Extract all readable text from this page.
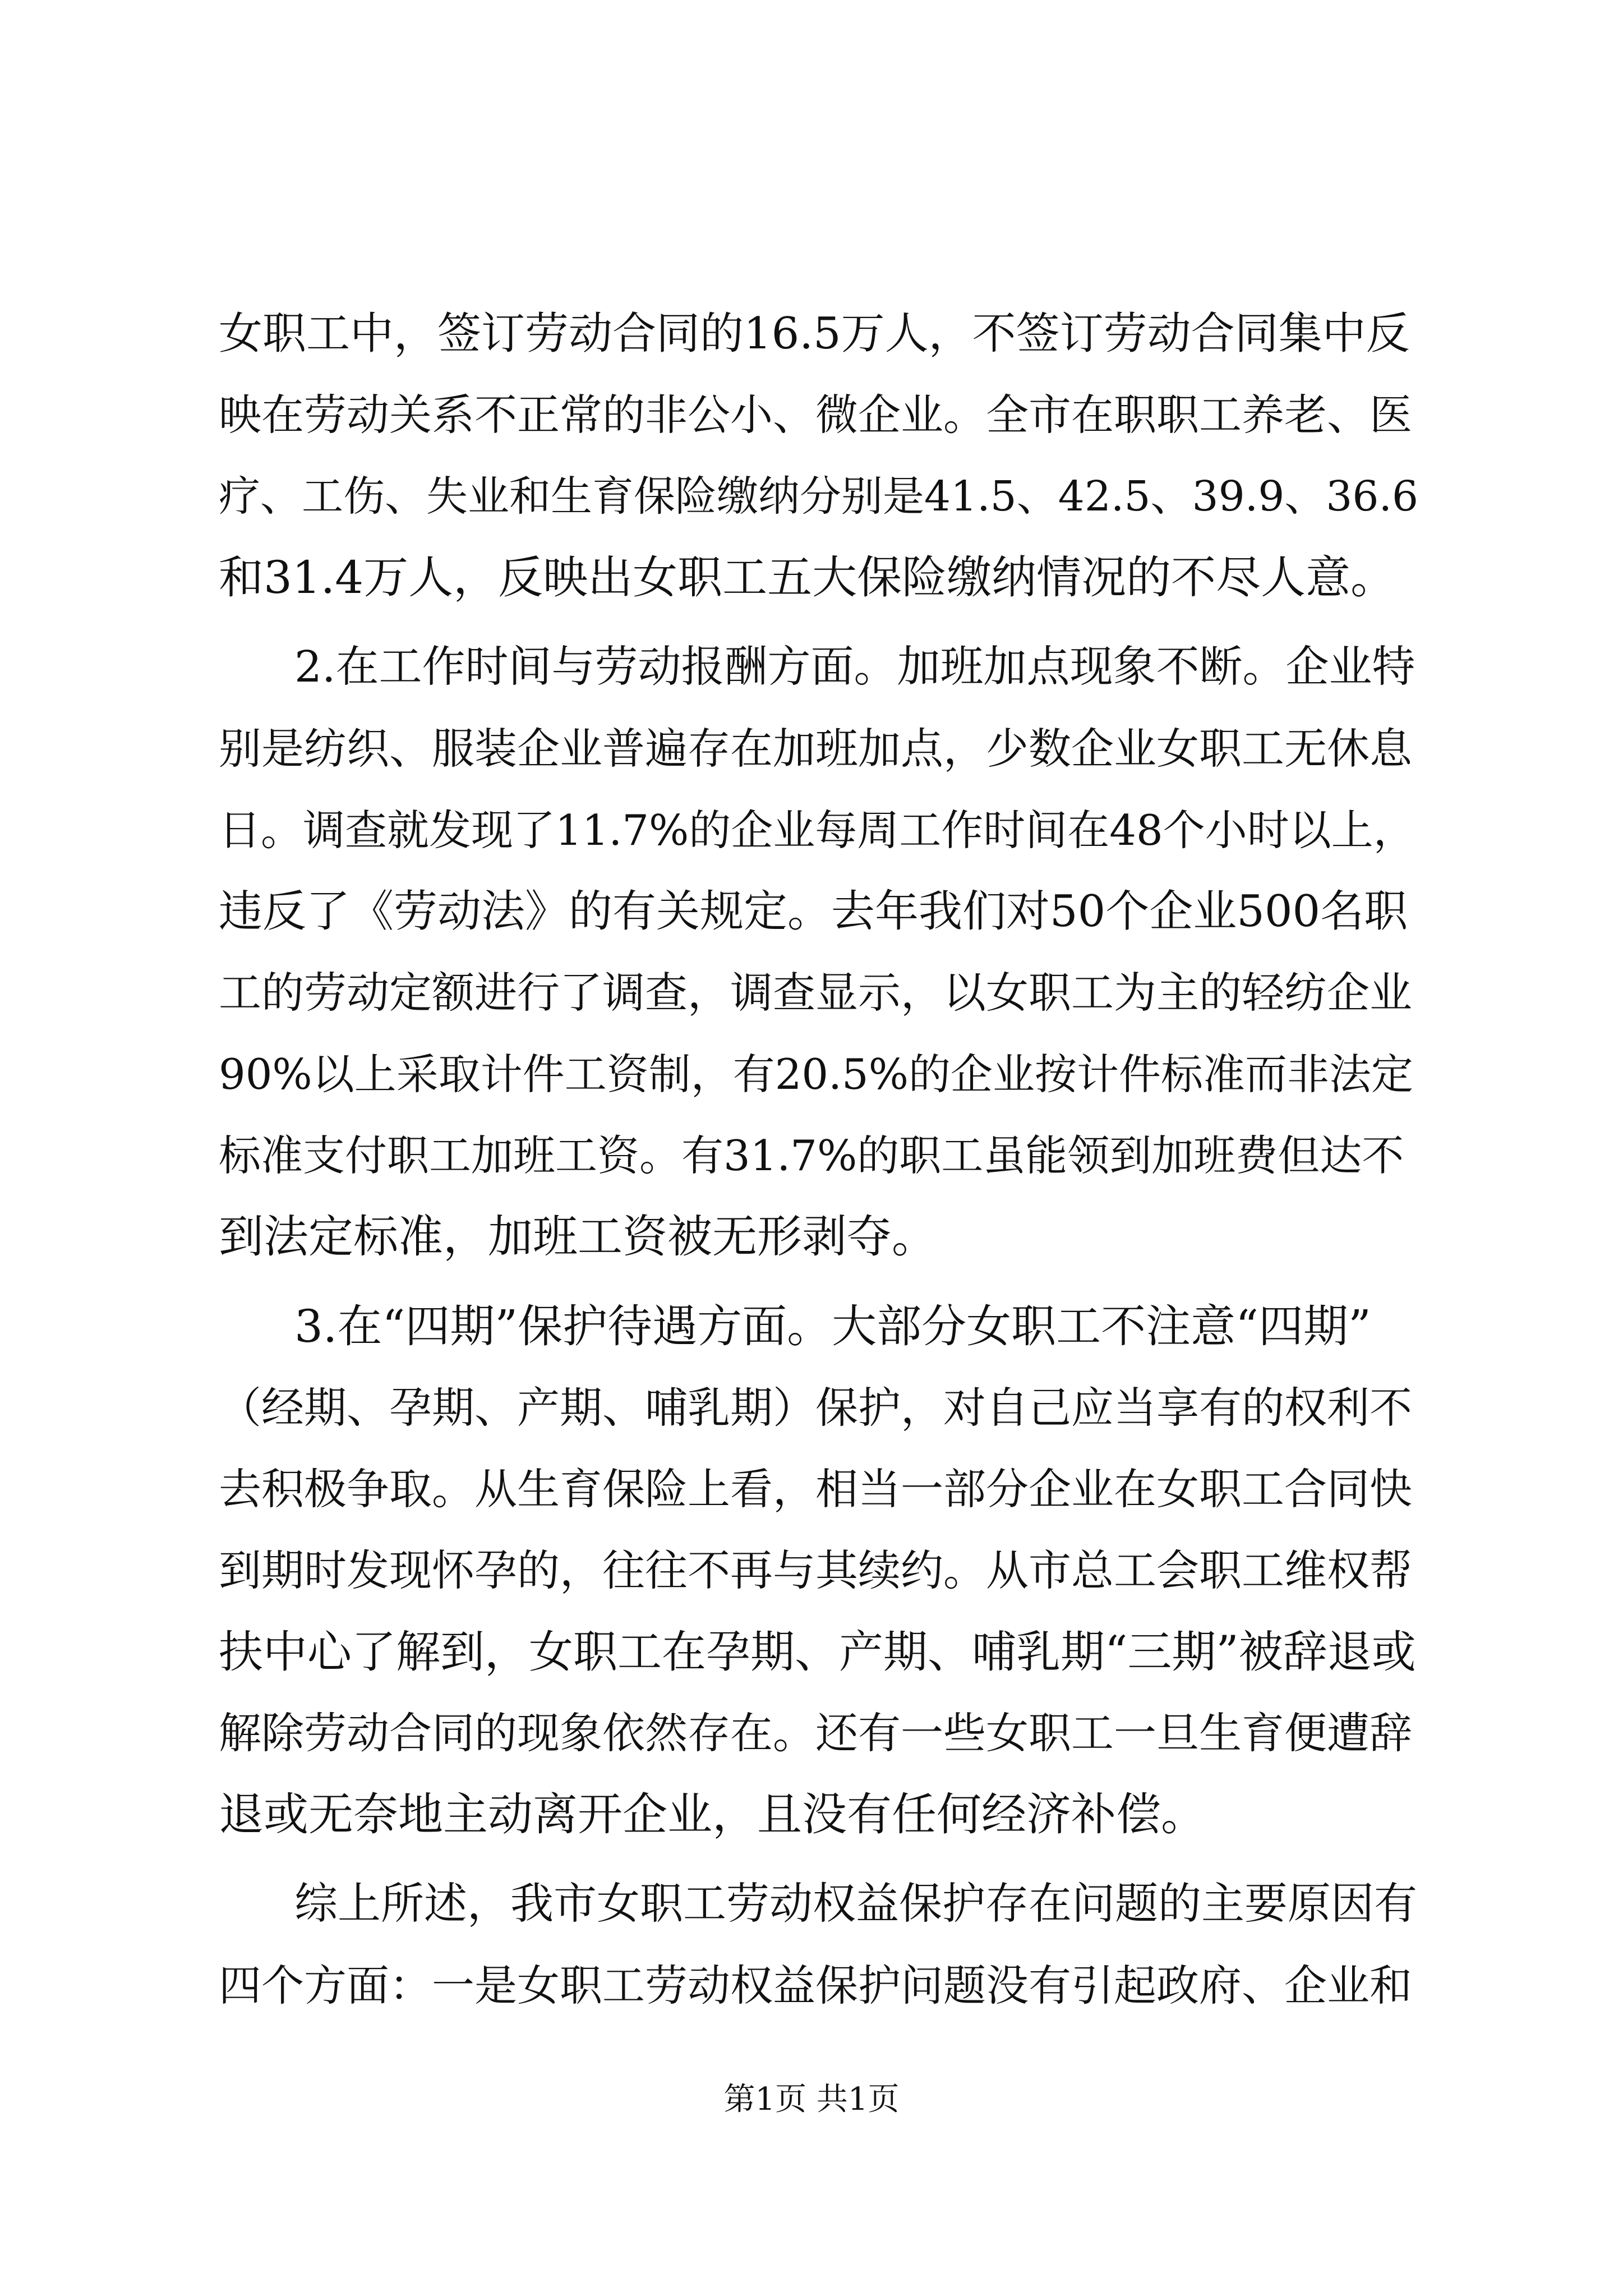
女职工中，签订劳动合同的16.5万人，不签订劳动合同集中反
映在劳动关系不正常的非公小、微企业。全市在职职工养老、医
疗、工伤、失业和生育保险缴纳分别是41.5、42.5、39.9、36.6
和31.4万人，反映出女职工五大保险缴纳情况的不尽人意。
2.在工作时间与劳动报酬方面。加班加点现象不断。企业特
别是纺织、服装企业普遍存在加班加点，少数企业女职工无休息
日。调查就发现了11.7%的企业每周工作时间在48个小时以上，
违反了《劳动法》的有关规定。去年我们对50个企业500名职
工的劳动定额进行了调查，调查显示，以女职工为主的轻纺企业
90%以上采取计件工资制，有20.5%的企业按计件标准而非法定
标准支付职工加班工资。有31.7%的职工虽能领到加班费但达不
到法定标准，加班工资被无形剥夺。
3.在“四期”保护待遇方面。大部分女职工不注意“四期”
（经期、孕期、产期、哺乳期）保护，对自己应当享有的权利不
去积极争取。从生育保险上看，相当一部分企业在女职工合同快
到期时发现怀孕的，往往不再与其续约。从市总工会职工维权帮
扶中心了解到，女职工在孕期、产期、哺乳期“三期”被辞退或
解除劳动合同的现象依然存在。还有一些女职工一旦生育便遭辞
退或无奈地主动离开企业，且没有任何经济补偿。
综上所述，我市女职工劳动权益保护存在问题的主要原因有
四个方面：一是女职工劳动权益保护问题没有引起政府、企业和
第1页 共1页
